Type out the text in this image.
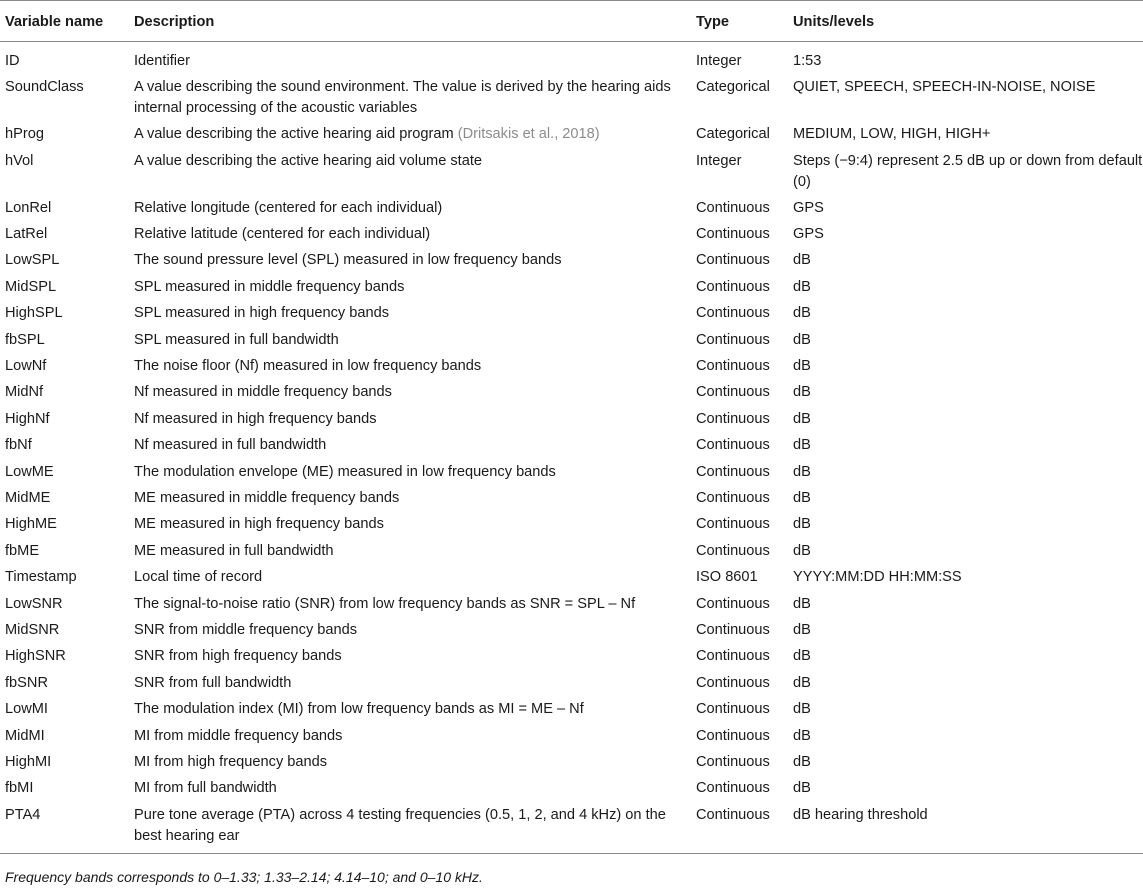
Variable name	Description	Type	Units/levels
ID	Identifier	Integer	1:53
SoundClass	A value describing the sound environment. The value is derived by the hearing aids internal processing of the acoustic variables	Categorical	QUIET, SPEECH, SPEECH-IN-NOISE, NOISE
hProg	A value describing the active hearing aid program (Dritsakis et al., 2018)	Categorical	MEDIUM, LOW, HIGH, HIGH+
hVol	A value describing the active hearing aid volume state	Integer	Steps (−9:4) represent 2.5 dB up or down from default (0)
LonRel	Relative longitude (centered for each individual)	Continuous	GPS
LatRel	Relative latitude (centered for each individual)	Continuous	GPS
LowSPL	The sound pressure level (SPL) measured in low frequency bands	Continuous	dB
MidSPL	SPL measured in middle frequency bands	Continuous	dB
HighSPL	SPL measured in high frequency bands	Continuous	dB
fbSPL	SPL measured in full bandwidth	Continuous	dB
LowNf	The noise floor (Nf) measured in low frequency bands	Continuous	dB
MidNf	Nf measured in middle frequency bands	Continuous	dB
HighNf	Nf measured in high frequency bands	Continuous	dB
fbNf	Nf measured in full bandwidth	Continuous	dB
LowME	The modulation envelope (ME) measured in low frequency bands	Continuous	dB
MidME	ME measured in middle frequency bands	Continuous	dB
HighME	ME measured in high frequency bands	Continuous	dB
fbME	ME measured in full bandwidth	Continuous	dB
Timestamp	Local time of record	ISO 8601	YYYY:MM:DD HH:MM:SS
LowSNR	The signal-to-noise ratio (SNR) from low frequency bands as SNR = SPL – Nf	Continuous	dB
MidSNR	SNR from middle frequency bands	Continuous	dB
HighSNR	SNR from high frequency bands	Continuous	dB
fbSNR	SNR from full bandwidth	Continuous	dB
LowMI	The modulation index (MI) from low frequency bands as MI = ME – Nf	Continuous	dB
MidMI	MI from middle frequency bands	Continuous	dB
HighMI	MI from high frequency bands	Continuous	dB
fbMI	MI from full bandwidth	Continuous	dB
PTA4	Pure tone average (PTA) across 4 testing frequencies (0.5, 1, 2, and 4 kHz) on the best hearing ear	Continuous	dB hearing threshold
Frequency bands corresponds to 0–1.33; 1.33–2.14; 4.14–10; and 0–10 kHz.
